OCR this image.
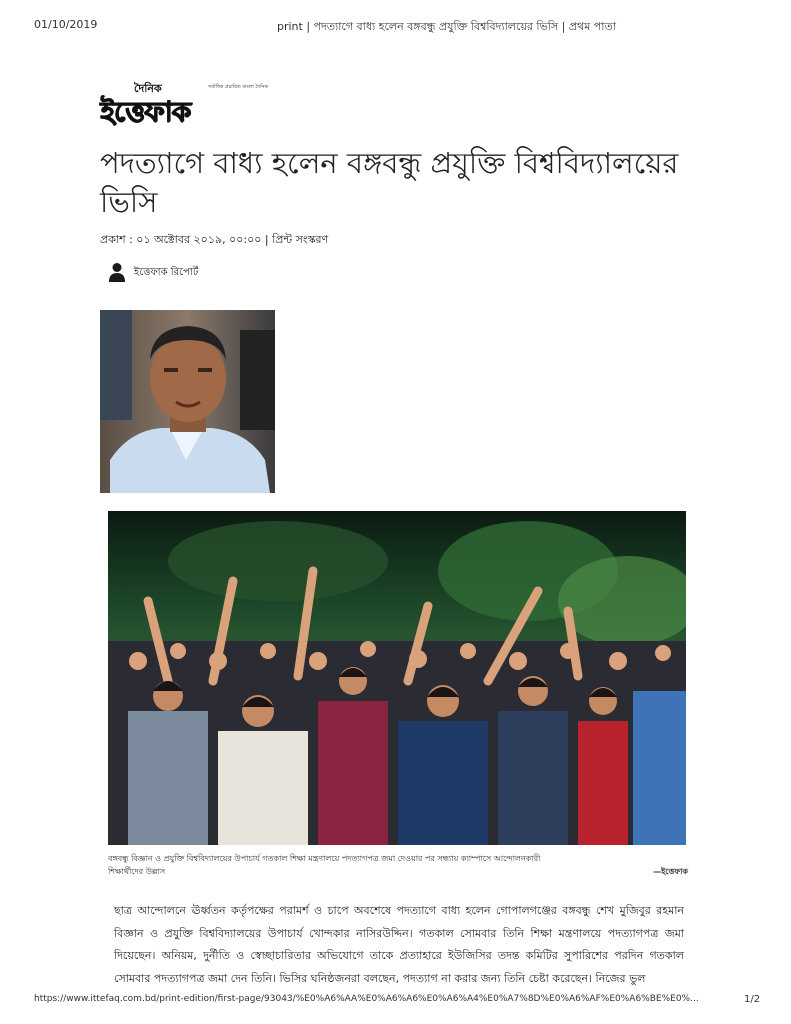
01/10/2019	print | পদত্যাগে বাধ্য হলেন বঙ্গবন্ধু প্রযুক্তি বিশ্ববিদ্যালয়ের ভিসি | প্রথম পাতা
দৈনিক	সর্বাধিক প্রচারিত বাংলা দৈনিক
ইত্তেফাক
পদত্যাগে বাধ্য হলেন বঙ্গবন্ধু প্রযুক্তি বিশ্ববিদ্যালয়ের
ভিসি
প্রকাশ : ০১ অক্টোবর ২০১৯, ০০:০০ | প্রিন্ট সংস্করণ
ইত্তেফাক রিপোর্ট
বঙ্গবন্ধু বিজ্ঞান ও প্রযুক্তি বিশ্ববিদ্যালয়ের উপাচার্য গতকাল শিক্ষা মন্ত্রণালয়ে পদত্যাগপত্র জমা দেওয়ার পর সন্ধ্যায় ক্যাম্পাসে আন্দোলনকারী
শিক্ষার্থীদের উল্লাস	—ইত্তেফাক
ছাত্র আন্দোলনে ঊর্ধ্বতন কর্তৃপক্ষের পরামর্শ ও চাপে অবশেষে পদত্যাগে বাধ্য হলেন গোপালগঞ্জের বঙ্গবন্ধু শেখ মুজিবুর রহমান বিজ্ঞান ও প্রযুক্তি বিশ্ববিদ্যালয়ের উপাচার্য খোন্দকার নাসিরউদ্দিন। গতকাল সোমবার তিনি শিক্ষা মন্ত্রণালয়ে পদত্যাগপত্র জমা দিয়েছেন। অনিয়ম, দুর্নীতি ও স্বেচ্ছাচারিতার অভিযোগে তাকে প্রত্যাহারে ইউজিসির তদন্ত কমিটির সুপারিশের পরদিন গতকাল সোমবার পদত্যাগপত্র জমা দেন তিনি। ভিসির ঘনিষ্ঠজনরা বলছেন, পদত্যাগ না করার জন্য তিনি চেষ্টা করেছেন। নিজের ভুল
https://www.ittefaq.com.bd/print-edition/first-page/93043/%E0%A6%AA%E0%A6%A6%E0%A6%A4%E0%A7%8D%E0%A6%AF%E0%A6%BE%E0%...	1/2
